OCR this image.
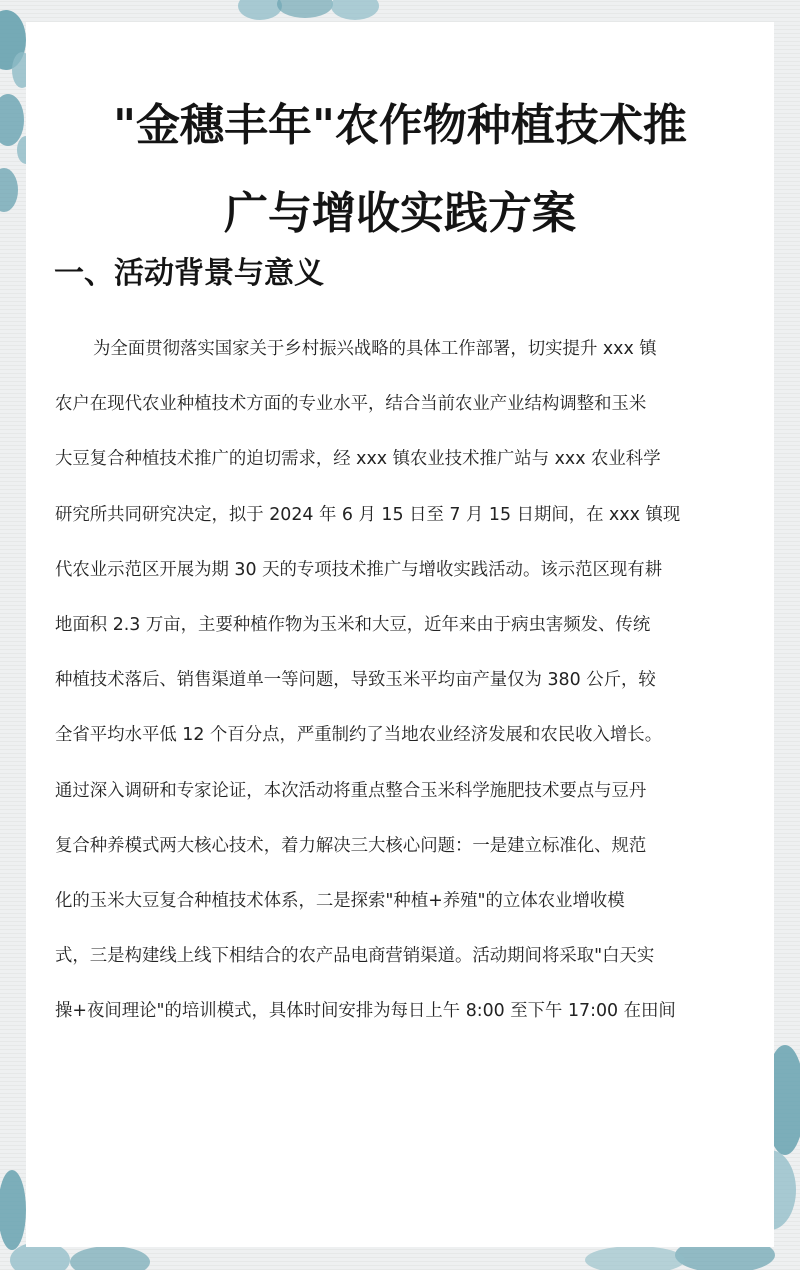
"金穗丰年"农作物种植技术推
广与增收实践方案
一、活动背景与意义
为全面贯彻落实国家关于乡村振兴战略的具体工作部署，切实提升 xxx 镇
农户在现代农业种植技术方面的专业水平，结合当前农业产业结构调整和玉米
大豆复合种植技术推广的迫切需求，经 xxx 镇农业技术推广站与 xxx 农业科学
研究所共同研究决定，拟于 2024 年 6 月 15 日至 7 月 15 日期间，在 xxx 镇现
代农业示范区开展为期 30 天的专项技术推广与增收实践活动。该示范区现有耕
地面积 2.3 万亩，主要种植作物为玉米和大豆，近年来由于病虫害频发、传统
种植技术落后、销售渠道单一等问题，导致玉米平均亩产量仅为 380 公斤，较
全省平均水平低 12 个百分点，严重制约了当地农业经济发展和农民收入增长。
通过深入调研和专家论证，本次活动将重点整合玉米科学施肥技术要点与豆丹
复合种养模式两大核心技术，着力解决三大核心问题：一是建立标准化、规范
化的玉米大豆复合种植技术体系，二是探索"种植+养殖"的立体农业增收模
式，三是构建线上线下相结合的农产品电商营销渠道。活动期间将采取"白天实
操+夜间理论"的培训模式，具体时间安排为每日上午 8:00 至下午 17:00 在田间
